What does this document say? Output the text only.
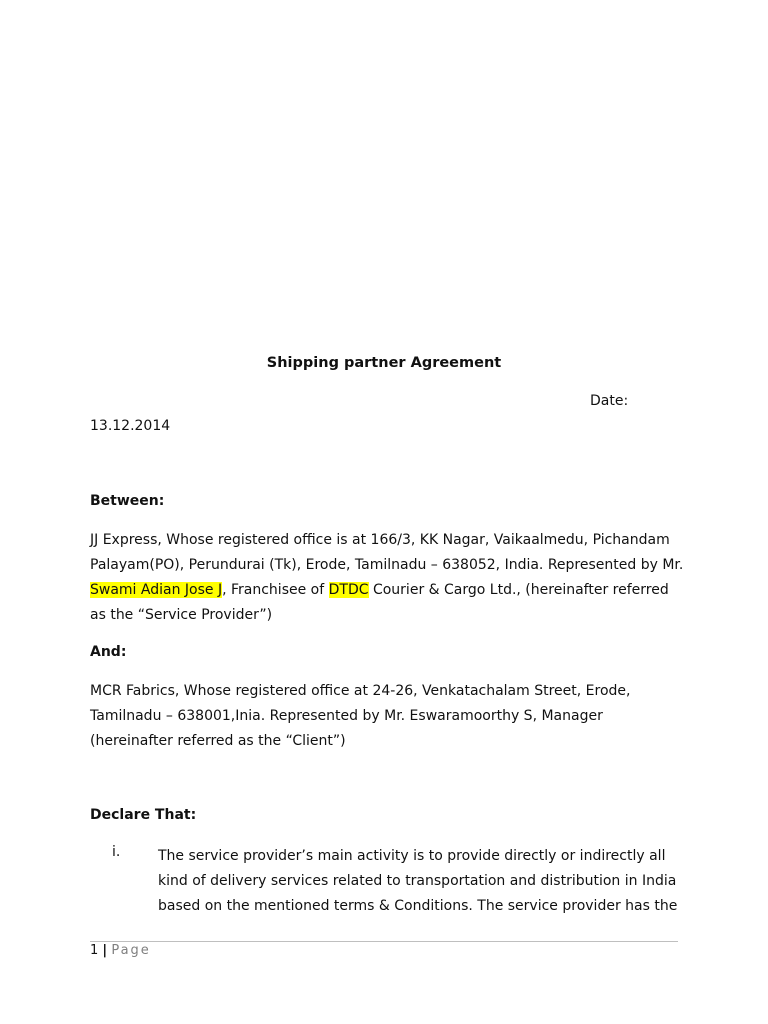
Shipping partner Agreement
Date:
13.12.2014
Between:
JJ Express, Whose registered office is at 166/3, KK Nagar, Vaikaalmedu, Pichandam
Palayam(PO), Perundurai (Tk), Erode, Tamilnadu – 638052, India. Represented by Mr.
Swami Adian Jose J, Franchisee of DTDC Courier & Cargo Ltd., (hereinafter referred
as the “Service Provider”)
And:
MCR Fabrics, Whose registered office at 24-26, Venkatachalam Street, Erode,
Tamilnadu – 638001,Inia. Represented by Mr. Eswaramoorthy S, Manager
(hereinafter referred as the “Client”)
Declare That:
i.	The service provider’s main activity is to provide directly or indirectly all
kind of delivery services related to transportation and distribution in India
based on the mentioned terms & Conditions. The service provider has the
1 | Page
